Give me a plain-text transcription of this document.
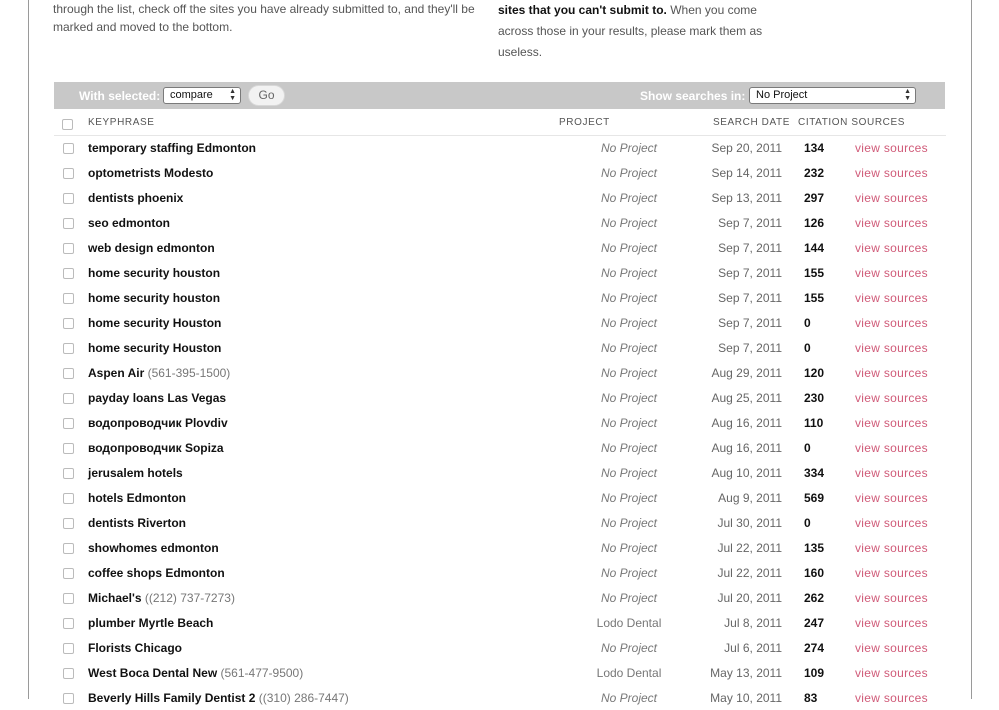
through the list, check off the sites you have already submitted to, and they'll be

marked and moved to the bottom.

sites that you can't submit to. When you come

across those in your results, please mark them as

useless.

With selected: compare ▲
▼	Go	Show searches in: No Project	▲
▼
KEYPHRASE	PROJECT	SEARCH DATE CITATION SOURCES
temporary staffing Edmonton	No Project	Sep 20, 2011 134	view sources
optometrists Modesto	No Project	Sep 14, 2011 232	view sources
dentists phoenix	No Project	Sep 13, 2011 297	view sources
seo edmonton	No Project	Sep 7, 2011 126	view sources
web design edmonton	No Project	Sep 7, 2011 144	view sources
home security houston	No Project	Sep 7, 2011 155	view sources
home security houston	No Project	Sep 7, 2011 155	view sources
home security Houston	No Project	Sep 7, 2011 0	view sources
home security Houston	No Project	Sep 7, 2011 0	view sources
Aspen Air (561-395-1500)	No Project	Aug 29, 2011 120	view sources
payday loans Las Vegas	No Project	Aug 25, 2011 230	view sources
водопроводчик Plovdiv	No Project	Aug 16, 2011 110	view sources
водопроводчик Sopiza	No Project	Aug 16, 2011 0	view sources
jerusalem hotels	No Project	Aug 10, 2011 334	view sources
hotels Edmonton	No Project	Aug 9, 2011 569	view sources
dentists Riverton	No Project	Jul 30, 2011 0	view sources
showhomes edmonton	No Project	Jul 22, 2011 135	view sources
coffee shops Edmonton	No Project	Jul 22, 2011 160	view sources
Michael's ((212) 737-7273)	No Project	Jul 20, 2011 262	view sources
plumber Myrtle Beach	Lodo Dental	Jul 8, 2011 247	view sources
Florists Chicago	No Project	Jul 6, 2011 274	view sources
West Boca Dental New (561-477-9500)	Lodo Dental	May 13, 2011 109	view sources
Beverly Hills Family Dentist 2 ((310) 286-7447)	No Project	May 10, 2011 83	view sources
